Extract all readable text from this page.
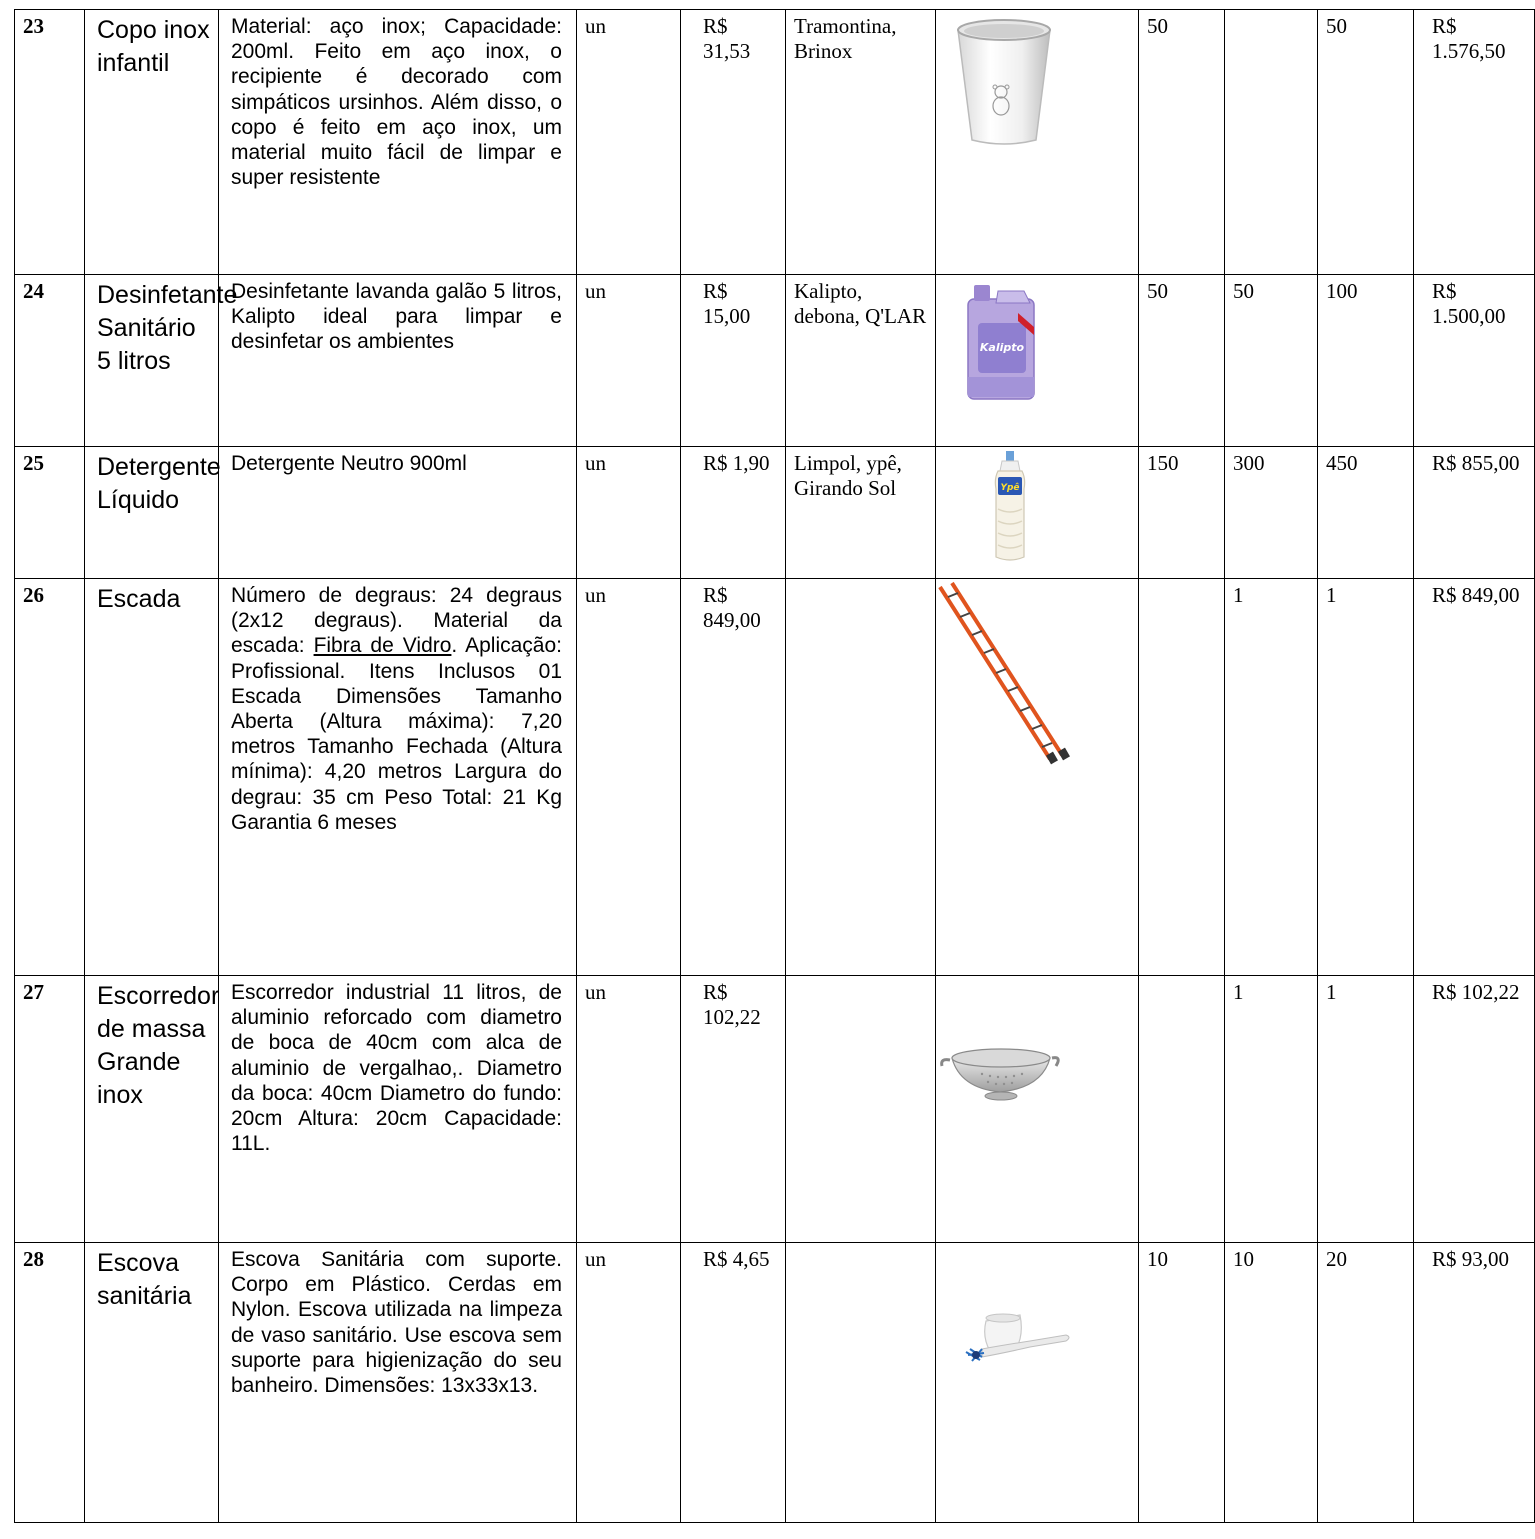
23	Copo inox infantil	Material: aço inox; Capacidade: 200ml. Feito em aço inox, o recipiente é decorado com simpáticos ursinhos. Além disso, o copo é feito em aço inox, um material muito fácil de limpar e super resistente	un	R$ 31,53	Tramontina, Brinox		50		50	R$ 1.576,50
24	Desinfetante Sanitário 5 litros	Desinfetante lavanda galão 5 litros, Kalipto ideal para limpar e desinfetar os ambientes	un	R$ 15,00	Kalipto, debona, Q'LAR	Kalipto	50	50	100	R$ 1.500,00
25	Detergente Líquido	Detergente Neutro 900ml	un	R$ 1,90	Limpol, ypê, Girando Sol	Ypê	150	300	450	R$ 855,00
26	Escada	Número de degraus: 24 degraus (2x12 degraus). Material da escada: Fibra de Vidro. Aplicação: Profissional. Itens Inclusos 01 Escada Dimensões Tamanho Aberta (Altura máxima): 7,20 metros Tamanho Fechada (Altura mínima): 4,20 metros Largura do degrau: 35 cm Peso Total: 21 Kg Garantia 6 meses	un	R$ 849,00				1	1	R$ 849,00
27	Escorredor de massa Grande inox	Escorredor industrial 11 litros, de aluminio reforcado com diametro de boca de 40cm com alca de aluminio de vergalhao,. Diametro da boca: 40cm Diametro do fundo: 20cm Altura: 20cm Capacidade: 11L.	un	R$ 102,22				1	1	R$ 102,22
28	Escova sanitária	Escova Sanitária com suporte. Corpo em Plástico. Cerdas em Nylon. Escova utilizada na limpeza de vaso sanitário. Use escova sem suporte para higienização do seu banheiro. Dimensões: 13x33x13.	un	R$ 4,65			10	10	20	R$ 93,00
